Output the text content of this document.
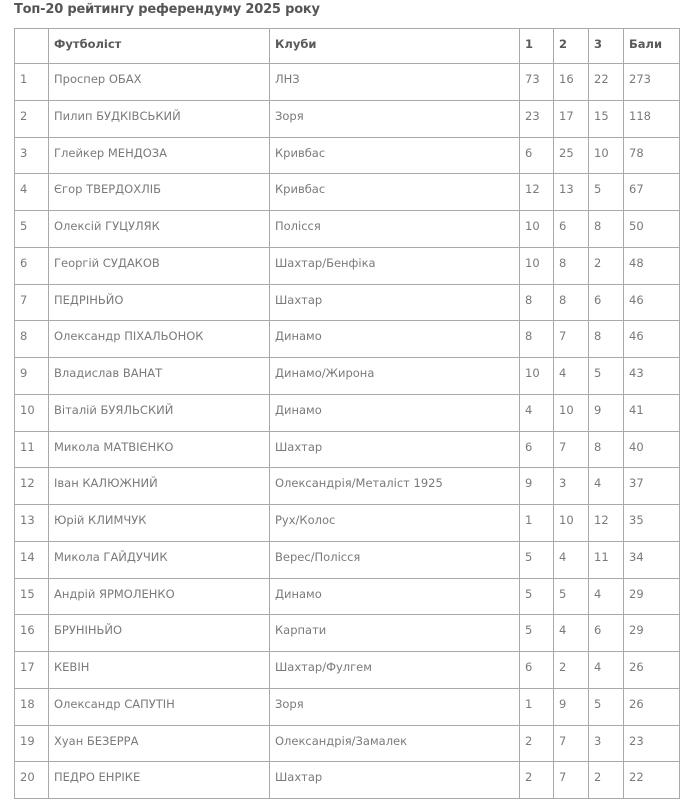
Топ-20 рейтингу референдуму 2025 року
	Футболіст	Клуби	1	2	3	Бали
1	Проспер ОБАХ	ЛНЗ	73	16	22	273
2	Пилип БУДКІВСЬКИЙ	Зоря	23	17	15	118
3	Глейкер МЕНДОЗА	Кривбас	6	25	10	78
4	Єгор ТВЕРДОХЛІБ	Кривбас	12	13	5	67
5	Олексій ГУЦУЛЯК	Полісся	10	6	8	50
6	Георгій СУДАКОВ	Шахтар/Бенфіка	10	8	2	48
7	ПЕДРІНЬЙО	Шахтар	8	8	6	46
8	Олександр ПІХАЛЬОНОК	Динамо	8	7	8	46
9	Владислав ВАНАТ	Динамо/Жирона	10	4	5	43
10	Віталій БУЯЛЬСКИЙ	Динамо	4	10	9	41
11	Микола МАТВІЄНКО	Шахтар	6	7	8	40
12	Іван КАЛЮЖНИЙ	Олександрія/Металіст 1925	9	3	4	37
13	Юрій КЛИМЧУК	Рух/Колос	1	10	12	35
14	Микола ГАЙДУЧИК	Верес/Полісся	5	4	11	34
15	Андрій ЯРМОЛЕНКО	Динамо	5	5	4	29
16	БРУНІНЬЙО	Карпати	5	4	6	29
17	КЕВІН	Шахтар/Фулгем	6	2	4	26
18	Олександр САПУТІН	Зоря	1	9	5	26
19	Хуан БЕЗЕРРА	Олександрія/Замалек	2	7	3	23
20	ПЕДРО ЕНРІКЕ	Шахтар	2	7	2	22
